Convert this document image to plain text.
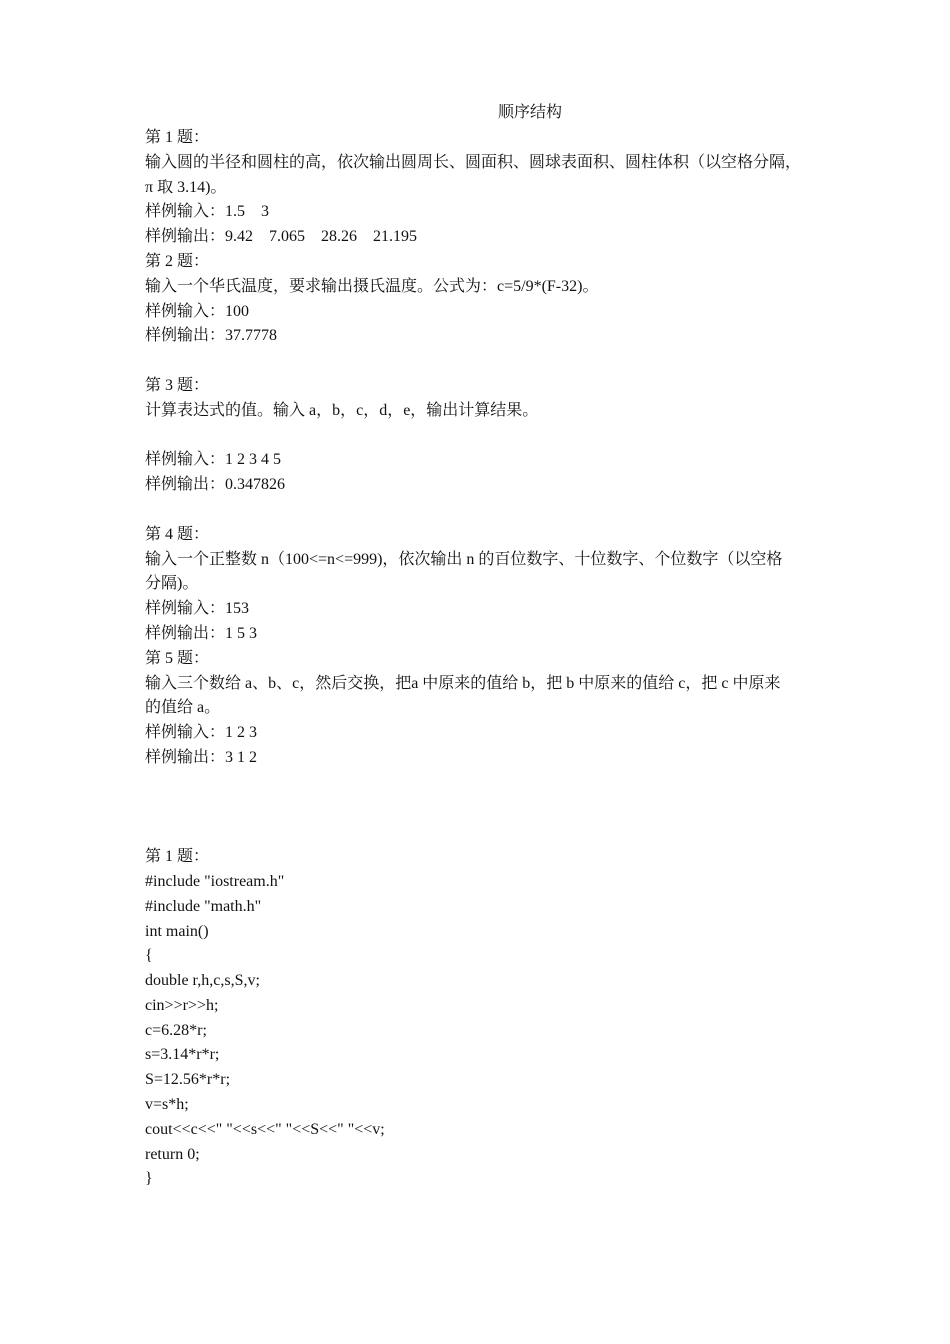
顺序结构
第 1 题：
输入圆的半径和圆柱的高，依次输出圆周长、圆面积、圆球表面积、圆柱体积（以空格分隔，
π 取 3.14)。
样例输入：1.5    3
样例输出：9.42    7.065    28.26    21.195
第 2 题：
输入一个华氏温度，要求输出摄氏温度。公式为：c=5/9*(F-32)。
样例输入：100
样例输出：37.7778
第 3 题：
计算表达式的值。输入 a，b，c，d，e，输出计算结果。
样例输入：1 2 3 4 5
样例输出：0.347826
第 4 题：
输入一个正整数 n（100<=n<=999)，依次输出 n 的百位数字、十位数字、个位数字（以空格
分隔)。
样例输入：153
样例输出：1 5 3
第 5 题：
输入三个数给 a、b、c，然后交换，把a 中原来的值给 b，把 b 中原来的值给 c，把 c 中原来
的值给 a。
样例输入：1 2 3
样例输出：3 1 2
第 1 题：
#include "iostream.h"
#include "math.h"
int main()
{
double r,h,c,s,S,v;
cin>>r>>h;
c=6.28*r;
s=3.14*r*r;
S=12.56*r*r;
v=s*h;
cout<<c<<" "<<s<<" "<<S<<" "<<v;
return 0;
}
